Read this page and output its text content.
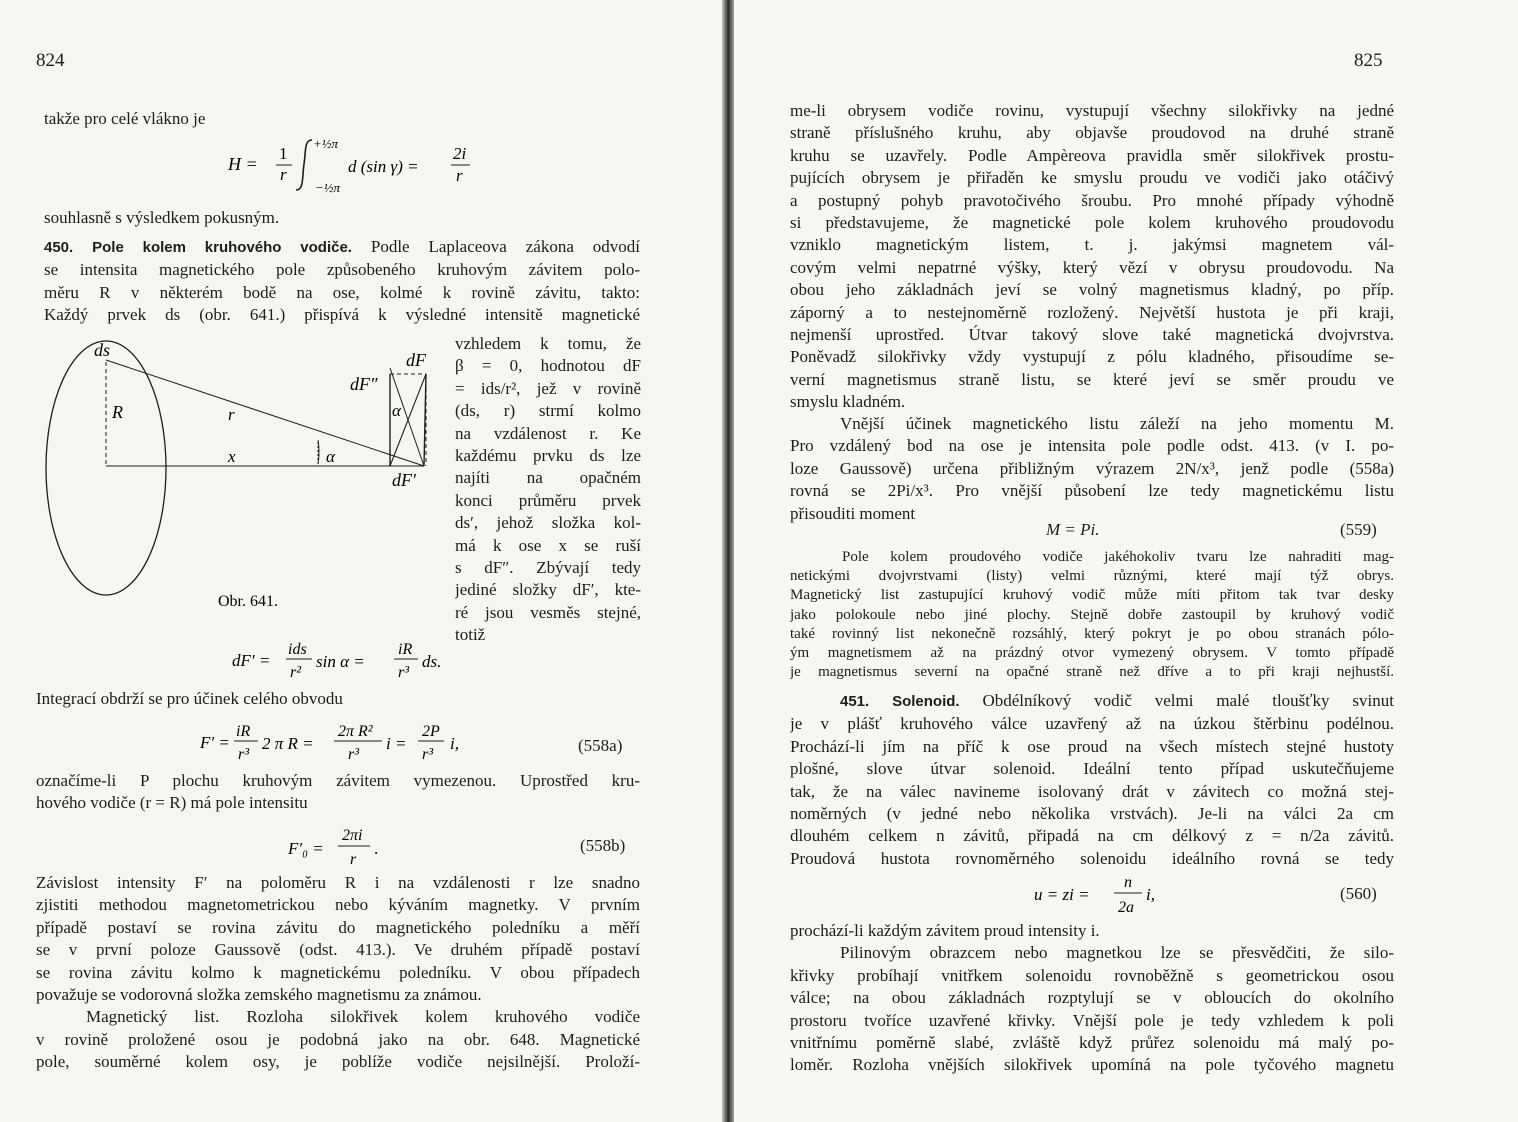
824
takže pro celé vlákno je
H =
1
r
+½π
−½π
d (sin γ) =
2i
r
souhlasně s výsledkem pokusným.
450. Pole kolem kruhového vodiče. Podle Laplaceova zákona odvodí
se intensita magnetického pole způsobeného kruhovým závitem polo-
měru R v některém bodě na ose, kolmé k rovině závitu, takto:
Každý prvek ds (obr. 641.) přispívá k výsledné intensitě magnetické
vzhledem k tomu, že
β = 0, hodnotou dF
= ids/r², jež v rovině
(ds, r) strmí kolmo
na vzdálenost r. Ke
každému prvku ds lze
najíti na opačném
konci průměru prvek
ds′, jehož složka kol-
má k ose x se ruší
s dF″. Zbývají tedy
jediné složky dF′, kte-
ré jsou vesměs stejné,
totiž
ds
R	r
x	α
α
dF
dF″
dF′
Obr. 641.
dF′ =
ids
r²
sin α =
iR
r³
ds.
Integrací obdrží se pro účinek celého obvodu
F′ =
iR
r³
2 π R =
2π R²
r³
i =
2P
r³
i,	(558a)
označíme-li P plochu kruhovým závitem vymezenou. Uprostřed kru-
hového vodiče (r = R) má pole intensitu
F′₀ =
2πi
r
.	(558b)
Závislost intensity F′ na poloměru R i na vzdálenosti r lze snadno
zjistiti methodou magnetometrickou nebo kýváním magnetky. V prvním
případě postaví se rovina závitu do magnetického poledníku a měří
se v první poloze Gaussově (odst. 413.). Ve druhém případě postaví
se rovina závitu kolmo k magnetickému poledníku. V obou případech
považuje se vodorovná složka zemského magnetismu za známou.
Magnetický list. Rozloha silokřivek kolem kruhového vodiče
v rovině proložené osou je podobná jako na obr. 648. Magnetické
pole, souměrné kolem osy, je poblíže vodiče nejsilnější. Proloží-
825
me-li obrysem vodiče rovinu, vystupují všechny silokřivky na jedné
straně příslušného kruhu, aby objavše proudovod na druhé straně
kruhu se uzavřely. Podle Ampèreova pravidla směr silokřivek prostu-
pujících obrysem je přiřaděn ke smyslu proudu ve vodiči jako otáčivý
a postupný pohyb pravotočivého šroubu. Pro mnohé případy výhodně
si představujeme, že magnetické pole kolem kruhového proudovodu
vzniklo magnetickým listem, t. j. jakýmsi magnetem vál-
covým velmi nepatrné výšky, který vězí v obrysu proudovodu. Na
obou jeho základnách jeví se volný magnetismus kladný, po příp.
záporný a to nestejnoměrně rozložený. Největší hustota je při kraji,
nejmenší uprostřed. Útvar takový slove také magnetická dvojvrstva.
Poněvadž silokřivky vždy vystupují z pólu kladného, přisoudíme se-
verní magnetismus straně listu, se které jeví se směr proudu ve
smyslu kladném.
Vnější účinek magnetického listu záleží na jeho momentu M.
Pro vzdálený bod na ose je intensita pole podle odst. 413. (v I. po-
loze Gaussově) určena přibližným výrazem 2N/x³, jenž podle (558a)
rovná se 2Pi/x³. Pro vnější působení lze tedy magnetickému listu
přisouditi moment
M = Pi.	(559)
Pole kolem proudového vodiče jakéhokoliv tvaru lze nahraditi mag-
netickými dvojvrstvami (listy) velmi různými, které mají týž obrys.
Magnetický list zastupující kruhový vodič může míti přitom tak tvar desky
jako polokoule nebo jiné plochy. Stejně dobře zastoupil by kruhový vodič
také rovinný list nekonečně rozsáhlý, který pokryt je po obou stranách pólo-
ým magnetismem až na prázdný otvor vymezený obrysem. V tomto případě
je magnetismus severní na opačné straně než dříve a to při kraji nejhustší.
451. Solenoid. Obdélníkový vodič velmi malé tloušťky svinut
je v plášť kruhového válce uzavřený až na úzkou štěrbinu podélnou.
Prochází-li jím na příč k ose proud na všech místech stejné hustoty
plošné, slove útvar solenoid. Ideální tento případ uskutečňujeme
tak, že na válec navineme isolovaný drát v závitech co možná stej-
noměrných (v jedné nebo několika vrstvách). Je-li na válci 2a cm
dlouhém celkem n závitů, připadá na cm délkový z = n/2a závitů.
Proudová hustota rovnoměrného solenoidu ideálního rovná se tedy
u = zi =
n
2a
i,	(560)
prochází-li každým závitem proud intensity i.
Pilinovým obrazcem nebo magnetkou lze se přesvědčiti, že silo-
křivky probíhají vnitřkem solenoidu rovnoběžně s geometrickou osou
válce; na obou základnách rozptylují se v obloucích do okolního
prostoru tvoříce uzavřené křivky. Vnější pole je tedy vzhledem k poli
vnitřnímu poměrně slabé, zvláště když průřez solenoidu má malý po-
loměr. Rozloha vnějších silokřivek upomíná na pole tyčového magnetu
